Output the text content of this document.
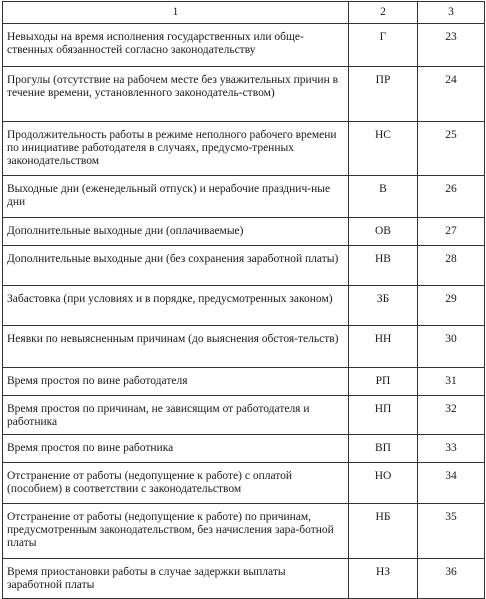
1	2	3
Невыходы на время исполнения государственных или обще-ственных обязанностей согласно законодательству	Г	23
Прогулы (отсутствие на рабочем месте без уважительных причин в течение времени, установленного законодатель-ством)	ПР	24
Продолжительность работы в режиме неполного рабочего времени по инициативе работодателя в случаях, предусмо-тренных законодательством	НС	25
Выходные дни (еженедельный отпуск) и нерабочие празднич-ные дни	В	26
Дополнительные выходные дни (оплачиваемые)	ОВ	27
Дополнительные выходные дни (без сохранения заработной платы)	НВ	28
Забастовка (при условиях и в порядке, предусмотренных законом)	ЗБ	29
Неявки по невыясненным причинам (до выяснения обстоя-тельств)	НН	30
Время простоя по вине работодателя	РП	31
Время простоя по причинам, не зависящим от работодателя и работника	НП	32
Время простоя по вине работника	ВП	33
Отстранение от работы (недопущение к работе) с оплатой (пособием) в соответствии с законодательством	НО	34
Отстранение от работы (недопущение к работе) по причинам, предусмотренным законодательством, без начисления зара-ботной платы	НБ	35
Время приостановки работы в случае задержки выплаты заработной платы	НЗ	36
